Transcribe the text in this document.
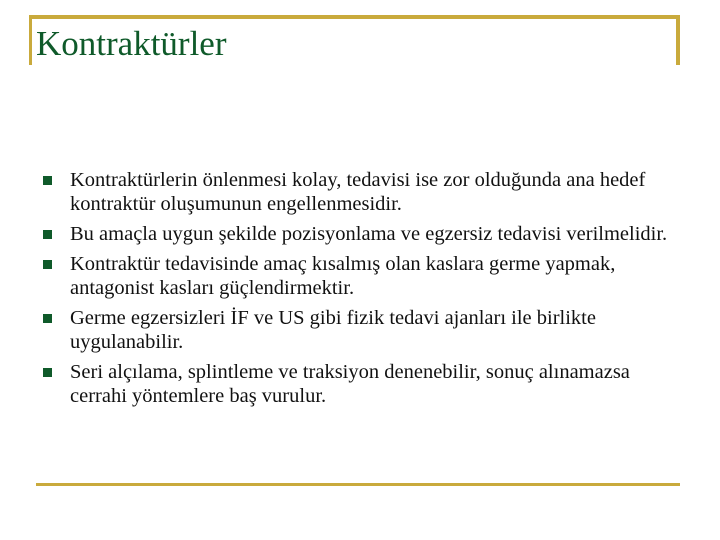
Kontraktürler
Kontraktürlerin önlenmesi kolay, tedavisi ise zor olduğunda ana hedef kontraktür oluşumunun engellenmesidir.
Bu amaçla uygun şekilde pozisyonlama ve egzersiz tedavisi verilmelidir.
Kontraktür tedavisinde amaç kısalmış olan kaslara germe yapmak, antagonist kasları güçlendirmektir.
Germe egzersizleri İF ve US gibi fizik tedavi ajanları ile birlikte uygulanabilir.
Seri alçılama, splintleme ve traksiyon denenebilir, sonuç alınamazsa cerrahi yöntemlere baş vurulur.
